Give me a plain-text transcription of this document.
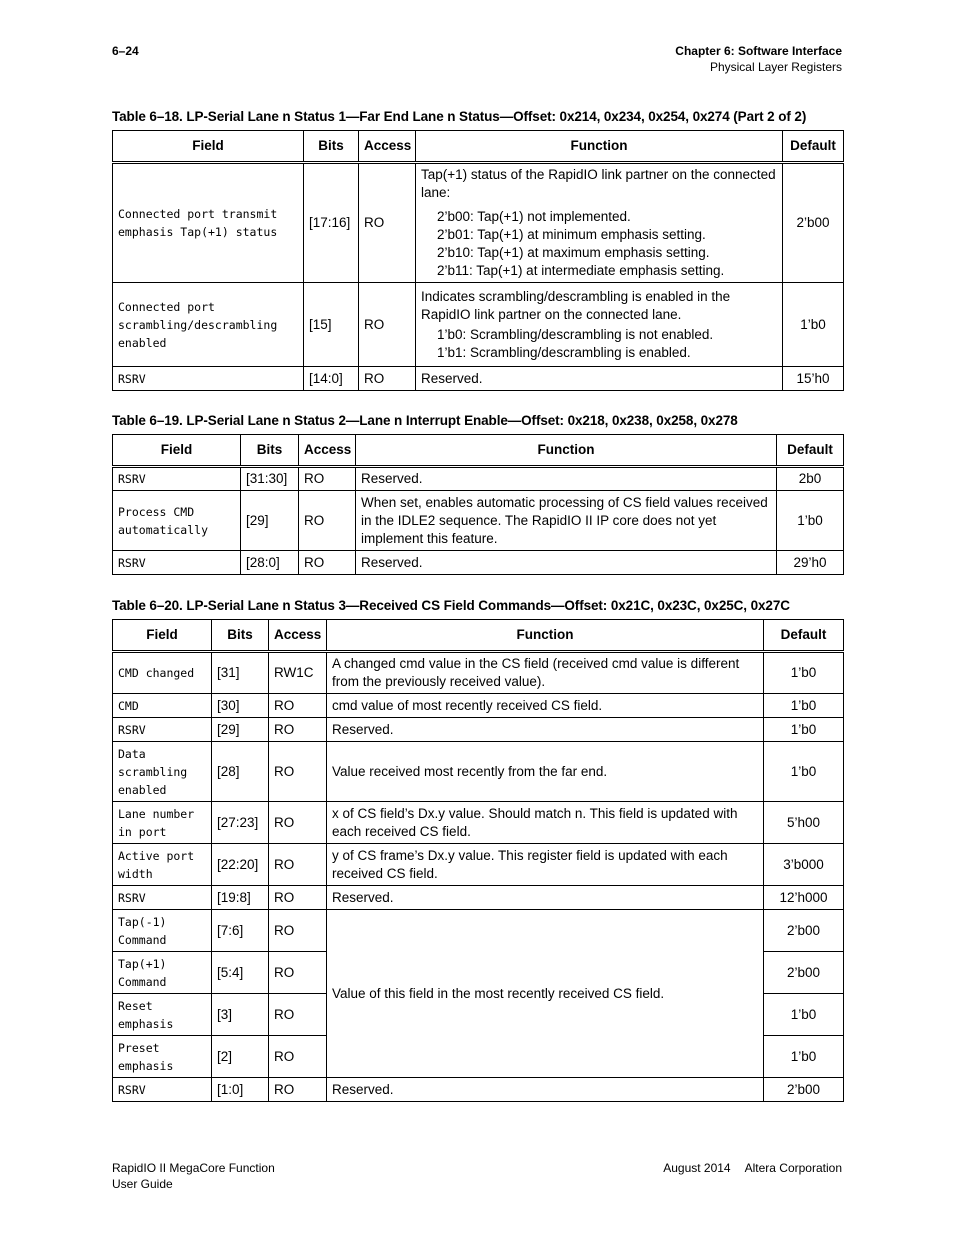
6–24	Chapter 6: Software Interface
Physical Layer Registers
Table 6–18. LP-Serial Lane n Status 1—Far End Lane n Status—Offset: 0x214, 0x234, 0x254, 0x274 (Part 2 of 2)
Field	Bits	Access	Function	Default
Connected port transmit emphasis Tap(+1) status	[17:16]	RO	Tap(+1) status of the RapidIO link partner on the connected lane:
2’b00: Tap(+1) not implemented.
2’b01: Tap(+1) at minimum emphasis setting.
2’b10: Tap(+1) at maximum emphasis setting.
2’b11: Tap(+1) at intermediate emphasis setting.	2’b00
Connected port scrambling/descrambling enabled	[15]	RO	Indicates scrambling/descrambling is enabled in the RapidIO link partner on the connected lane.
1’b0: Scrambling/descrambling is not enabled.
1’b1: Scrambling/descrambling is enabled.	1’b0
RSRV	[14:0]	RO	Reserved.	15’h0
Table 6–19. LP-Serial Lane n Status 2—Lane n Interrupt Enable—Offset: 0x218, 0x238, 0x258, 0x278
Field	Bits	Access	Function	Default
RSRV	[31:30]	RO	Reserved.	2b0
Process CMD automatically	[29]	RO	When set, enables automatic processing of CS field values received in the IDLE2 sequence. The RapidIO II IP core does not yet implement this feature.	1’b0
RSRV	[28:0]	RO	Reserved.	29’h0
Table 6–20. LP-Serial Lane n Status 3—Received CS Field Commands—Offset: 0x21C, 0x23C, 0x25C, 0x27C
Field	Bits	Access	Function	Default
CMD changed	[31]	RW1C	A changed cmd value in the CS field (received cmd value is different from the previously received value).	1’b0
CMD	[30]	RO	cmd value of most recently received CS field.	1’b0
RSRV	[29]	RO	Reserved.	1’b0
Data scrambling enabled	[28]	RO	Value received most recently from the far end.	1’b0
Lane number in port	[27:23]	RO	x of CS field’s Dx.y value. Should match n. This field is updated with each received CS field.	5’h00
Active port width	[22:20]	RO	y of CS frame’s Dx.y value. This register field is updated with each received CS field.	3’b000
RSRV	[19:8]	RO	Reserved.	12’h000
Tap(-1) Command	[7:6]	RO	Value of this field in the most recently received CS field.	2’b00
Tap(+1) Command	[5:4]	RO		2’b00
Reset emphasis	[3]	RO		1’b0
Preset emphasis	[2]	RO		1’b0
RSRV	[1:0]	RO	Reserved.	2’b00
RapidIO II MegaCore Function
User Guide
August 2014 Altera Corporation
